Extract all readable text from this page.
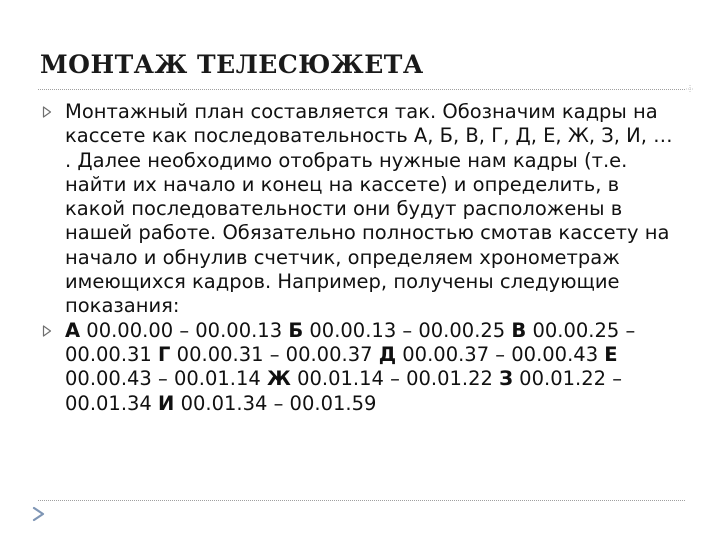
МОНТАЖ ТЕЛЕСЮЖЕТА
Монтажный план составляется так. Обозначим кадры на кассете как последовательность А, Б, В, Г, Д, Е, Ж, З, И, … . Далее необходимо отобрать нужные нам кадры (т.е. найти их начало и конец на кассете) и определить, в какой последовательности они будут расположены в нашей работе. Обязательно полностью смотав кассету на начало и обнулив счетчик, определяем хронометраж имеющихся кадров. Например, получены следующие показания:
А 00.00.00 – 00.00.13 Б 00.00.13 – 00.00.25 В 00.00.25 – 00.00.31 Г 00.00.31 – 00.00.37 Д 00.00.37 – 00.00.43 Е 00.00.43 – 00.01.14 Ж 00.01.14 – 00.01.22 З 00.01.22 – 00.01.34 И 00.01.34 – 00.01.59
